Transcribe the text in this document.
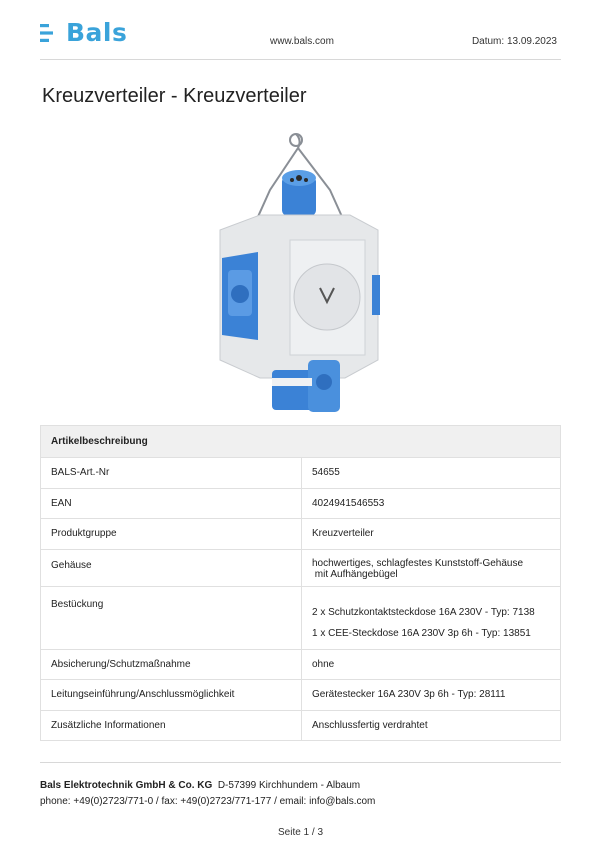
Bals	www.bals.com	Datum: 13.09.2023
Kreuzverteiler - Kreuzverteiler
Artikelbeschreibung	
BALS-Art.-Nr	54655
EAN	4024941546553
Produktgruppe	Kreuzverteiler
Gehäuse	hochwertiges, schlagfestes Kunststoff-Gehäuse
mit Aufhängebügel

Bestückung	2 x Schutzkontaktsteckdose 16A 230V - Typ: 7138
1 x CEE-Steckdose 16A 230V 3p 6h - Typ: 13851

Absicherung/Schutzmaßnahme	ohne
Leitungseinführung/Anschlussmöglichkeit	Gerätestecker 16A 230V 3p 6h - Typ: 28111
Zusätzliche Informationen	Anschlussfertig verdrahtet
Bals Elektrotechnik GmbH & Co. KG D-57399 Kirchhundem - Albaum
phone: +49(0)2723/771-0 / fax: +49(0)2723/771-177 / email: info@bals.com
Seite 1 / 3
